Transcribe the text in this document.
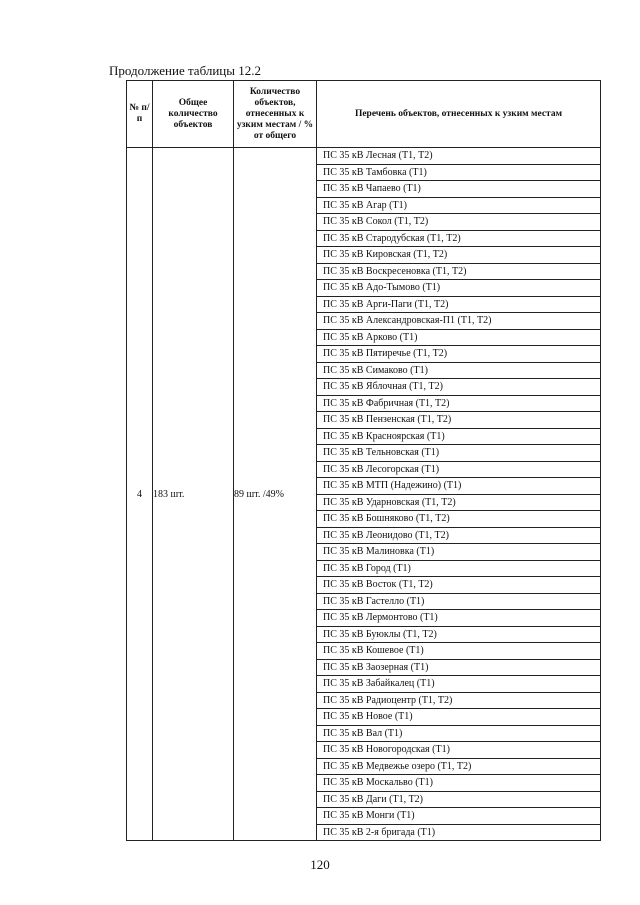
Продолжение таблицы 12.2
№ п/п	Общее количество объектов	Количество объектов, отнесенных к узким местам / % от общего	Перечень объектов, отнесенных к узким местам
4	183 шт.	89 шт. /49%	
ПС 35 кВ Лесная (Т1, Т2)
ПС 35 кВ Тамбовка (Т1)
ПС 35 кВ Чапаево (Т1)
ПС 35 кВ Агар (Т1)
ПС 35 кВ Сокол (Т1, Т2)
ПС 35 кВ Стародубская (Т1, Т2)
ПС 35 кВ Кировская (Т1, Т2)
ПС 35 кВ Воскресеновка (Т1, Т2)
ПС 35 кВ Адо-Тымово (Т1)
ПС 35 кВ Арги-Паги (Т1, Т2)
ПС 35 кВ Александровская-П1 (Т1, Т2)
ПС 35 кВ Арково (Т1)
ПС 35 кВ Пятиречье (Т1, Т2)
ПС 35 кВ Симаково (Т1)
ПС 35 кВ Яблочная (Т1, Т2)
ПС 35 кВ Фабричная (Т1, Т2)
ПС 35 кВ Пензенская (Т1, Т2)
ПС 35 кВ Красноярская (Т1)
ПС 35 кВ Тельновская (Т1)
ПС 35 кВ Лесогорская (Т1)
ПС 35 кВ МТП (Надежино) (Т1)
ПС 35 кВ Ударновская (Т1, Т2)
ПС 35 кВ Бошняково (Т1, Т2)
ПС 35 кВ Леонидово (Т1, Т2)
ПС 35 кВ Малиновка (Т1)
ПС 35 кВ Город (Т1)
ПС 35 кВ Восток (Т1, Т2)
ПС 35 кВ Гастелло (Т1)
ПС 35 кВ Лермонтово (Т1)
ПС 35 кВ Буюклы (Т1, Т2)
ПС 35 кВ Кошевое (Т1)
ПС 35 кВ Заозерная (Т1)
ПС 35 кВ Забайкалец (Т1)
ПС 35 кВ Радиоцентр (Т1, Т2)
ПС 35 кВ Новое (Т1)
ПС 35 кВ Вал (Т1)
ПС 35 кВ Новогородская (Т1)
ПС 35 кВ Медвежье озеро (Т1, Т2)
ПС 35 кВ Москальво (Т1)
ПС 35 кВ Даги (Т1, Т2)
ПС 35 кВ Монги (Т1)
ПС 35 кВ 2-я бригада (Т1)
120
